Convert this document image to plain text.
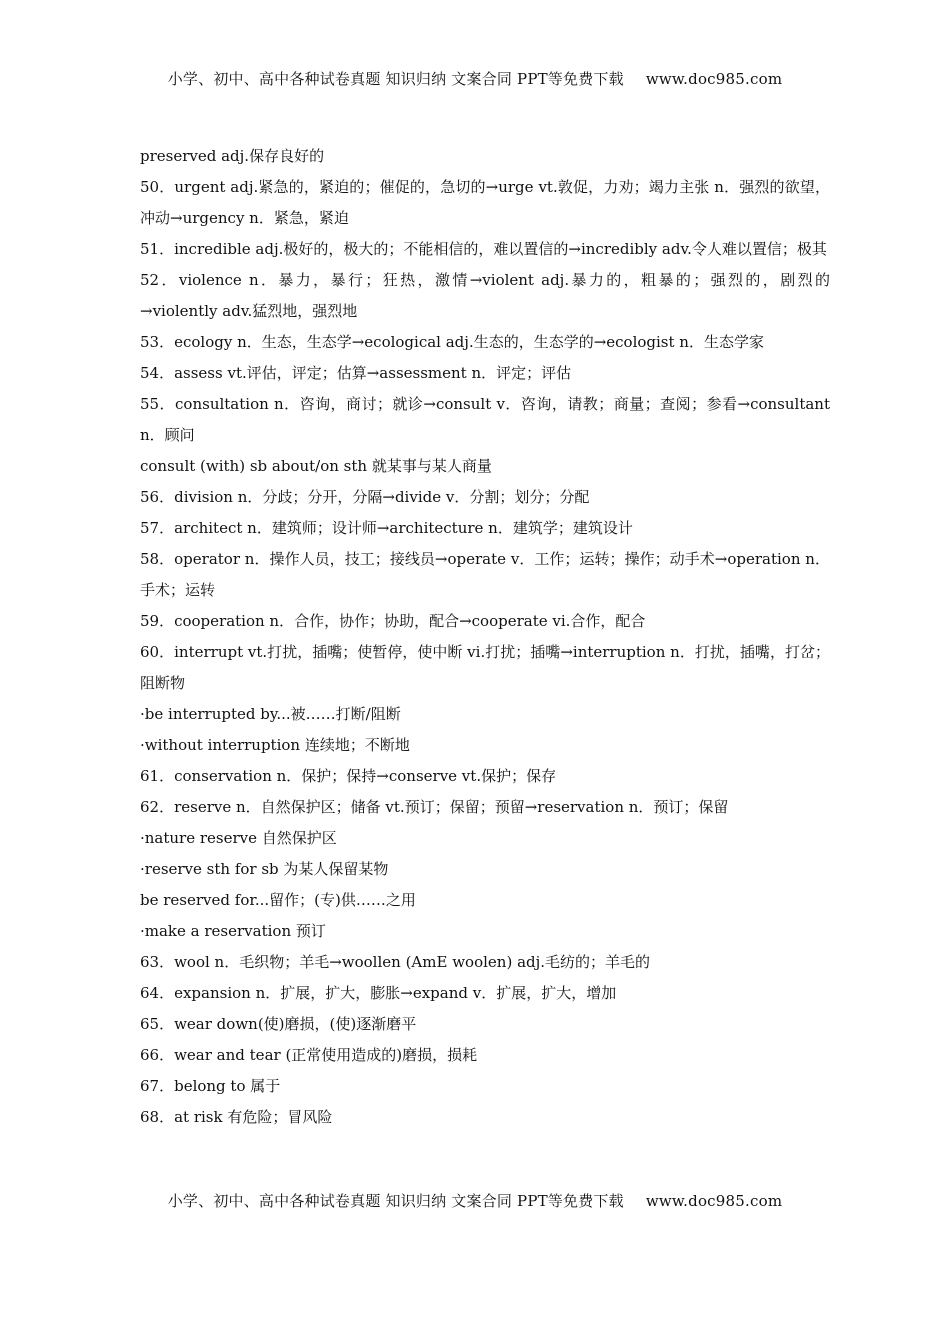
小学、初中、高中各种试卷真题 知识归纳 文案合同 PPT等免费下载 www.doc985.com

preserved adj.保存良好的

50．urgent adj.紧急的，紧迫的；催促的，急切的→urge vt.敦促，力劝；竭力主张 n．强烈的欲望，冲动→urgency n．紧急，紧迫

51．incredible adj.极好的，极大的；不能相信的，难以置信的→incredibly adv.令人难以置信；极其

52．violence n．暴力，暴行；狂热，激情→violent adj.暴力的，粗暴的；强烈的，剧烈的→violently adv.猛烈地，强烈地

53．ecology n．生态，生态学→ecological adj.生态的，生态学的→ecologist n．生态学家

54．assess vt.评估，评定；估算→assessment n．评定；评估

55．consultation n．咨询，商讨；就诊→consult v．咨询，请教；商量；查阅；参看→consultant n．顾问

consult (with) sb about/on sth 就某事与某人商量

56．division n．分歧；分开，分隔→divide v．分割；划分；分配

57．architect n．建筑师；设计师→architecture n．建筑学；建筑设计

58．operator n．操作人员，技工；接线员→operate v．工作；运转；操作；动手术→operation n．手术；运转

59．cooperation n．合作，协作；协助，配合→cooperate vi.合作，配合

60．interrupt vt.打扰，插嘴；使暂停，使中断 vi.打扰；插嘴→interruption n．打扰，插嘴，打岔；阻断物

·be interrupted by...被……打断/阻断

·without interruption 连续地；不断地

61．conservation n．保护；保持→conserve vt.保护；保存

62．reserve n．自然保护区；储备 vt.预订；保留；预留→reservation n．预订；保留

·nature reserve 自然保护区

·reserve sth for sb 为某人保留某物

be reserved for...留作；(专)供……之用

·make a reservation 预订

63．wool n．毛织物；羊毛→woollen (AmE woolen) adj.毛纺的；羊毛的

64．expansion n．扩展，扩大，膨胀→expand v．扩展，扩大，增加

65．wear down(使)磨损，(使)逐渐磨平

66．wear and tear (正常使用造成的)磨损，损耗

67．belong to 属于

68．at risk 有危险；冒风险

小学、初中、高中各种试卷真题 知识归纳 文案合同 PPT等免费下载 www.doc985.com
